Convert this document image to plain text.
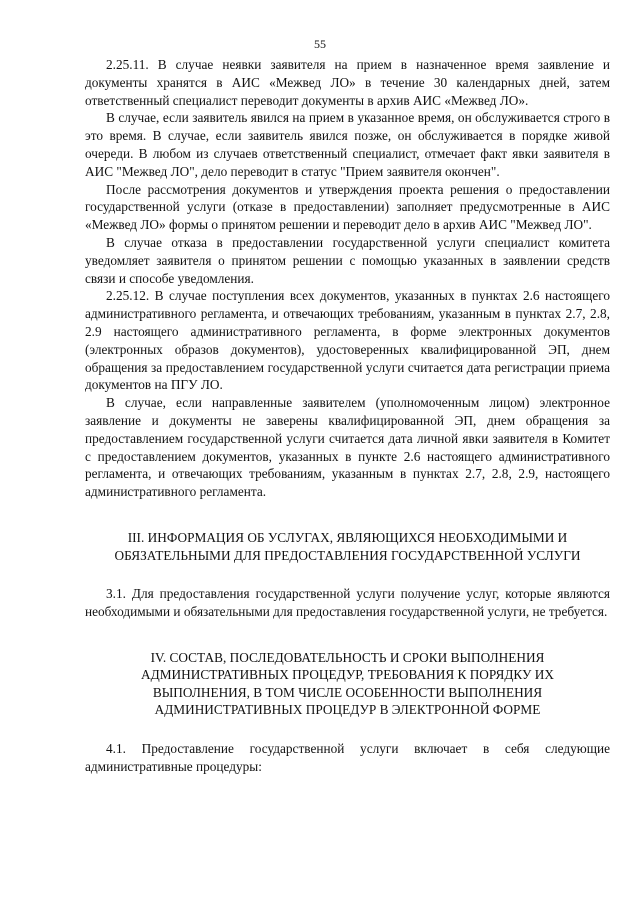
55

2.25.11. В случае неявки заявителя на прием в назначенное время заявление и документы хранятся в АИС «Межвед ЛО» в течение 30 календарных дней, затем ответственный специалист переводит документы в архив АИС «Межвед ЛО».

В случае, если заявитель явился на прием в указанное время, он обслуживается строго в это время. В случае, если заявитель явился позже, он обслуживается в порядке живой очереди. В любом из случаев ответственный специалист, отмечает факт явки заявителя в АИС "Межвед ЛО", дело переводит в статус "Прием заявителя окончен".

После рассмотрения документов и утверждения проекта решения о предоставлении государственной услуги (отказе в предоставлении) заполняет предусмотренные в АИС «Межвед ЛО» формы о принятом решении и переводит дело в архив АИС "Межвед ЛО".

В случае отказа в предоставлении государственной услуги специалист комитета уведомляет заявителя о принятом решении с помощью указанных в заявлении средств связи и способе уведомления.

2.25.12. В случае поступления всех документов, указанных в пунктах 2.6 настоящего административного регламента, и отвечающих требованиям, указанным в пунктах 2.7, 2.8, 2.9 настоящего административного регламента, в форме электронных документов (электронных образов документов), удостоверенных квалифицированной ЭП, днем обращения за предоставлением государственной услуги считается дата регистрации приема документов на ПГУ ЛО.

В случае, если направленные заявителем (уполномоченным лицом) электронное заявление и документы не заверены квалифицированной ЭП, днем обращения за предоставлением государственной услуги считается дата личной явки заявителя в Комитет с предоставлением документов, указанных в пункте 2.6 настоящего административного регламента, и отвечающих требованиям, указанным в пунктах 2.7, 2.8, 2.9, настоящего административного регламента.

III. ИНФОРМАЦИЯ ОБ УСЛУГАХ, ЯВЛЯЮЩИХСЯ НЕОБХОДИМЫМИ И ОБЯЗАТЕЛЬНЫМИ ДЛЯ ПРЕДОСТАВЛЕНИЯ ГОСУДАРСТВЕННОЙ УСЛУГИ

3.1. Для предоставления государственной услуги получение услуг, которые являются необходимыми и обязательными для предоставления государственной услуги, не требуется.

IV. СОСТАВ, ПОСЛЕДОВАТЕЛЬНОСТЬ И СРОКИ ВЫПОЛНЕНИЯ АДМИНИСТРАТИВНЫХ ПРОЦЕДУР, ТРЕБОВАНИЯ К ПОРЯДКУ ИХ ВЫПОЛНЕНИЯ, В ТОМ ЧИСЛЕ ОСОБЕННОСТИ ВЫПОЛНЕНИЯ АДМИНИСТРАТИВНЫХ ПРОЦЕДУР В ЭЛЕКТРОННОЙ ФОРМЕ

4.1. Предоставление государственной услуги включает в себя следующие административные процедуры:
